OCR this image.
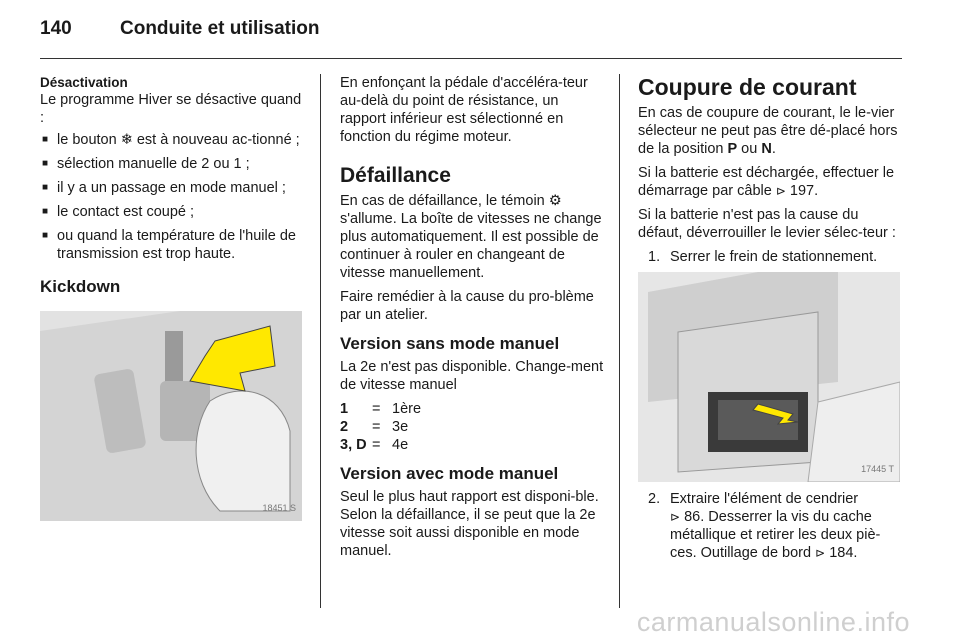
140	Conduite et utilisation
Désactivation
Le programme Hiver se désactive quand :
■ le bouton ❄ est à nouveau ac-tionné ;
■ sélection manuelle de 2 ou 1 ;
■ il y a un passage en mode manuel ;
■ le contact est coupé ;
■ ou quand la température de l'huile de transmission est trop haute.
Kickdown
18451 S

En enfonçant la pédale d'accéléra-teur au-delà du point de résistance, un rapport inférieur est sélectionné en fonction du régime moteur.

Défaillance

En cas de défaillance, le témoin ⚙ s'allume. La boîte de vitesses ne change plus automatiquement. Il est possible de continuer à rouler en changeant de vitesse manuellement.

Faire remédier à la cause du pro-blème par un atelier.

Version sans mode manuel
La 2e n'est pas disponible. Change-ment de vitesse manuel
1	= 1ère
2	= 3e
3, D = 4e
Version avec mode manuel

Seul le plus haut rapport est disponi-ble. Selon la défaillance, il se peut que la 2e vitesse soit aussi disponible en mode manuel.

Coupure de courant

En cas de coupure de courant, le le-vier sélecteur ne peut pas être dé-placé hors de la position P ou N.

Si la batterie est déchargée, effectuer le démarrage par câble ⊳ 197.

Si la batterie n'est pas la cause du défaut, déverrouiller le levier sélec-teur :

1. Serrer le frein de stationnement.
17445 T
2. Extraire l'élément de cendrier
⊳ 86. Desserrer la vis du cache métallique et retirer les deux piè-ces. Outillage de bord ⊳ 184.
carmanualsonline.info
